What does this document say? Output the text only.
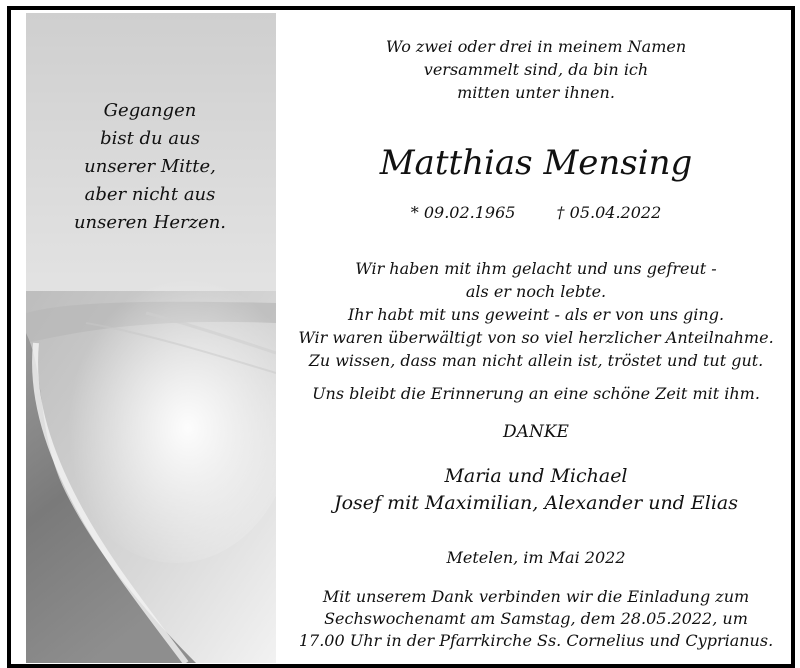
Gegangen
bist du aus
unserer Mitte,
aber nicht aus
unseren Herzen.
Wo zwei oder drei in meinem Namen
versammelt sind, da bin ich
mitten unter ihnen.
Matthias Mensing
* 09.02.1965	† 05.04.2022
Wir haben mit ihm gelacht und uns gefreut -
als er noch lebte.
Ihr habt mit uns geweint - als er von uns ging.
Wir waren überwältigt von so viel herzlicher Anteilnahme.
Zu wissen, dass man nicht allein ist, tröstet und tut gut.
Uns bleibt die Erinnerung an eine schöne Zeit mit ihm.
DANKE
Maria und Michael
Josef mit Maximilian, Alexander und Elias
Metelen, im Mai 2022
Mit unserem Dank verbinden wir die Einladung zum
Sechswochenamt am Samstag, dem 28.05.2022, um
17.00 Uhr in der Pfarrkirche Ss. Cornelius und Cyprianus.
